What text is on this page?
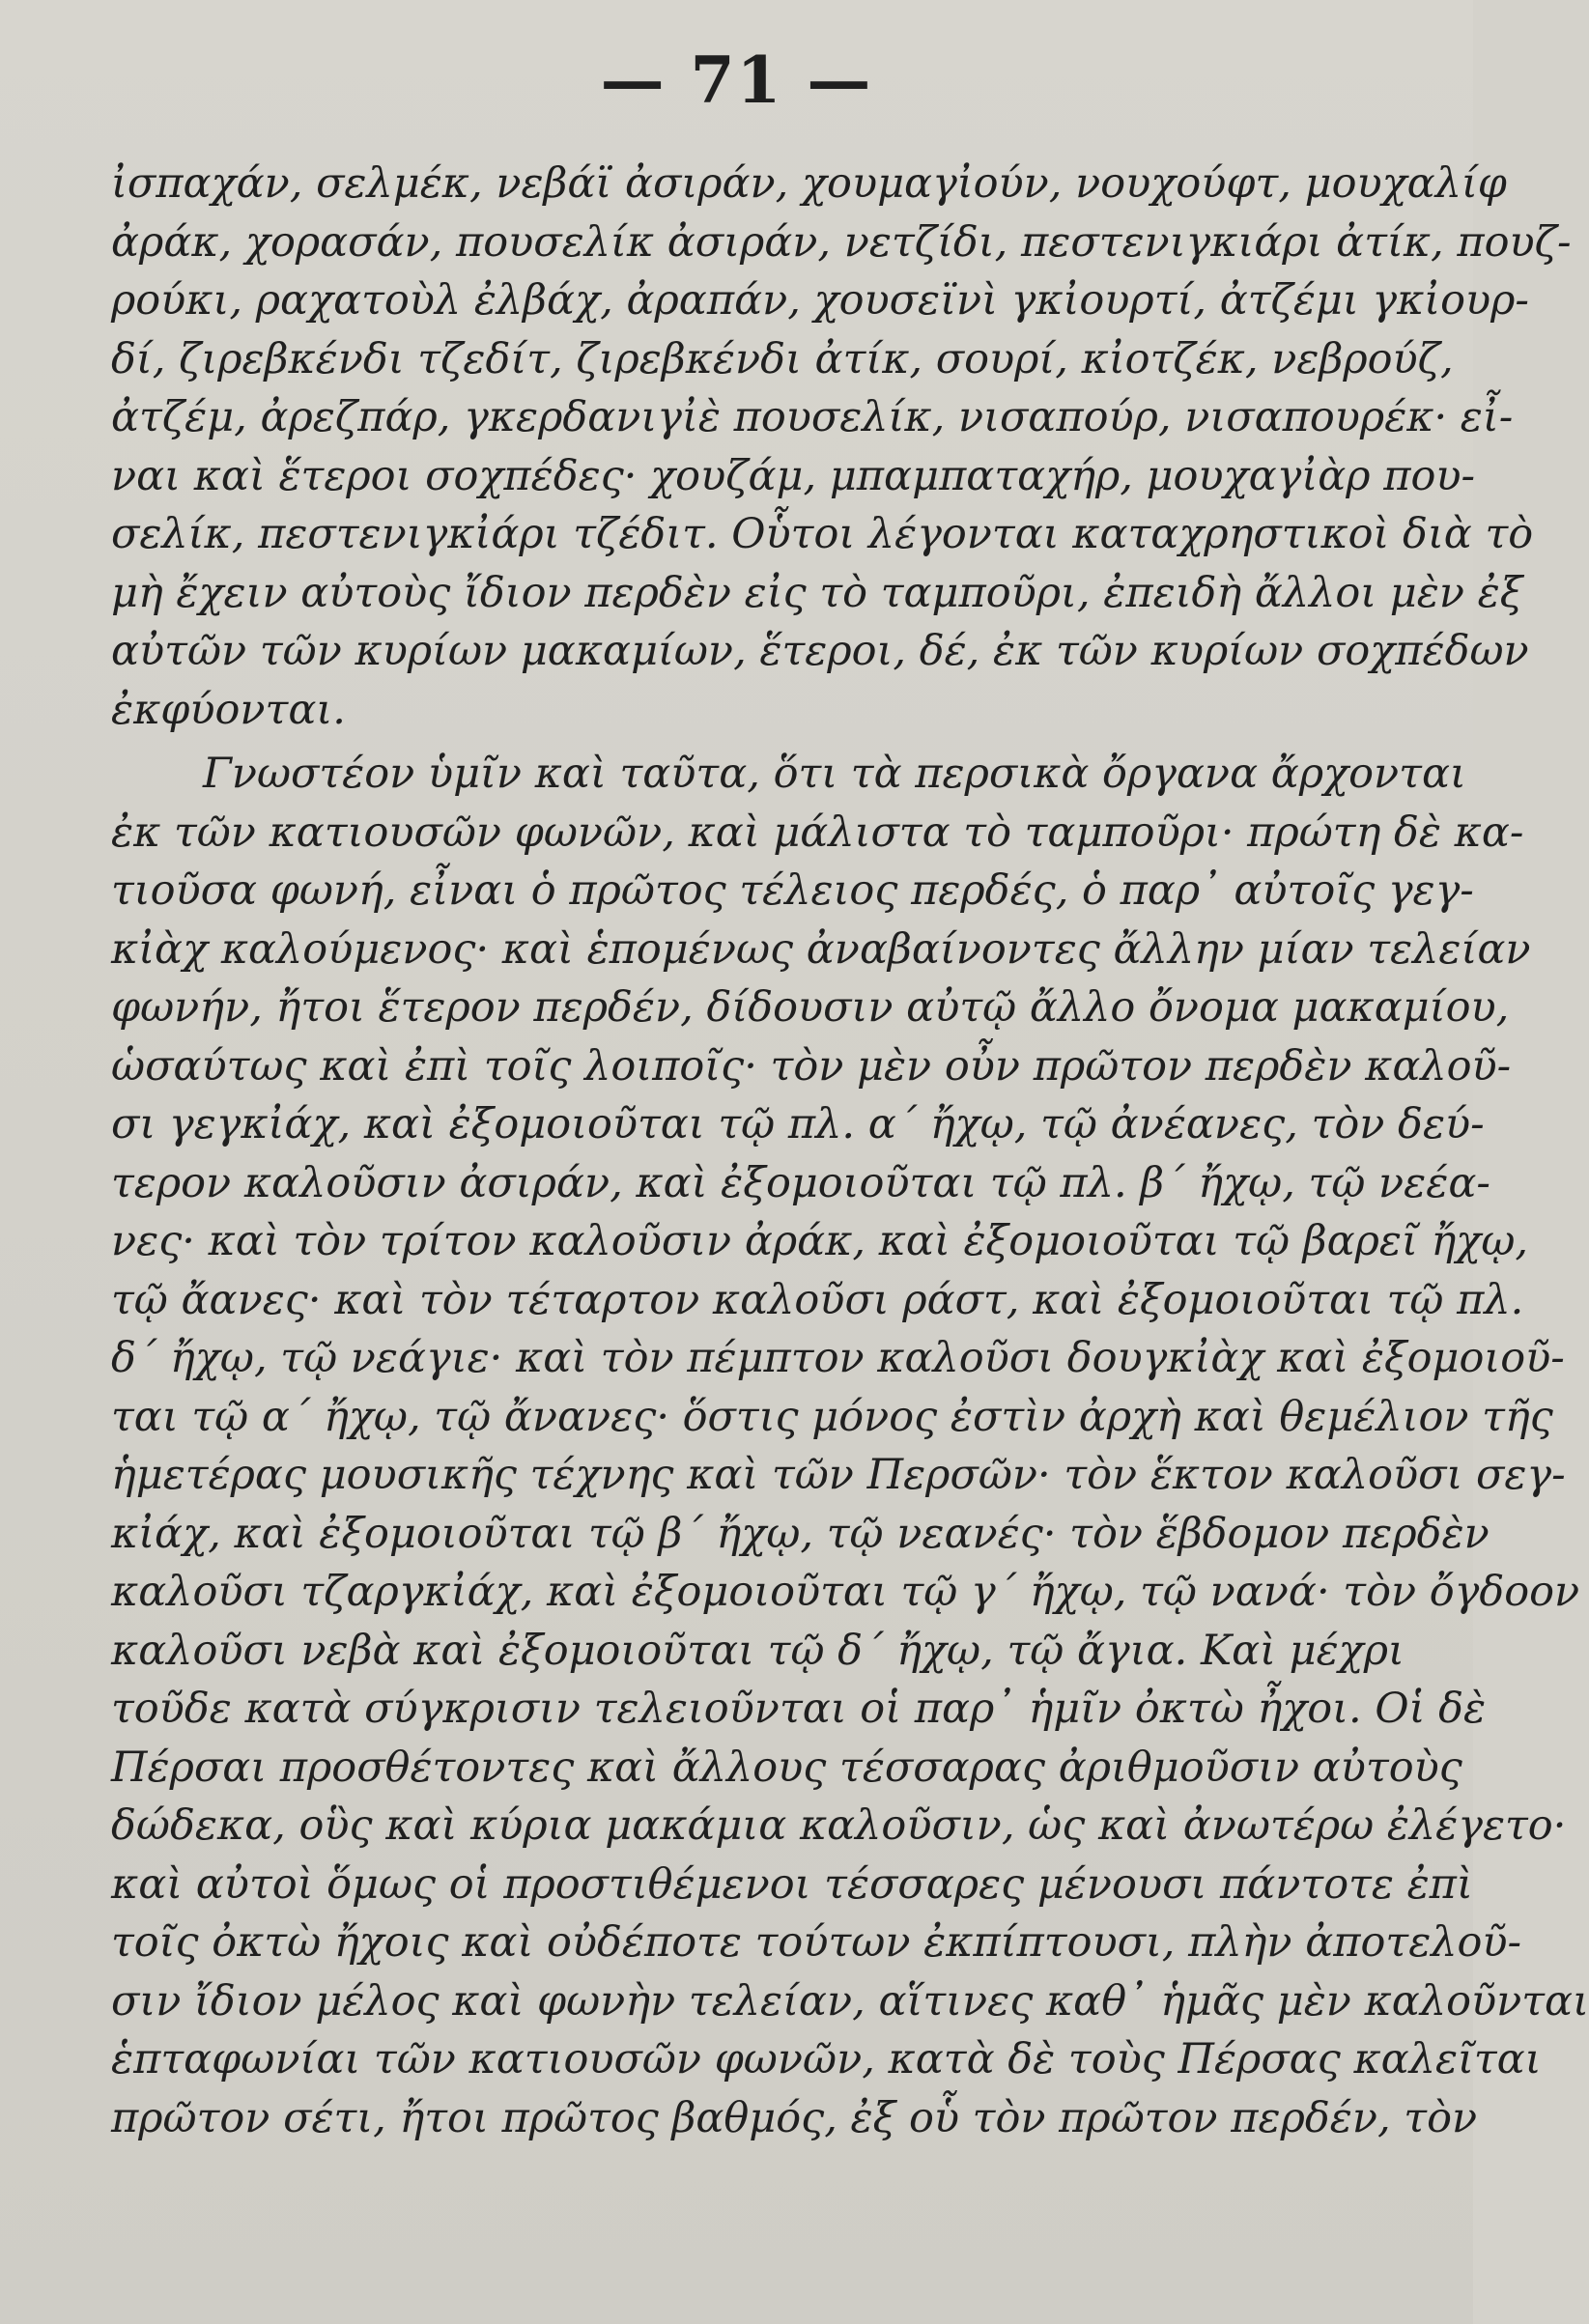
— 71 —
ἰσπαχάν, σελμέκ, νεβάϊ ἀσιράν, χουμαγἰούν, νουχούφτ, μουχαλίφ
ἀράκ, χορασάν, πουσελίκ ἀσιράν, νετζίδι, πεστενιγκιάρι ἀτίκ, πουζ-
ρούκι, ραχατοὺλ ἐλβάχ, ἀραπάν, χουσεϊνὶ γκἰουρτί, ἀτζέμι γκἰουρ-
δί, ζιρεβκένδι τζεδίτ, ζιρεβκένδι ἀτίκ, σουρί, κἰοτζέκ, νεβρούζ,
ἀτζέμ, ἀρεζπάρ, γκερδανιγἰὲ πουσελίκ, νισαπούρ, νισαπουρέκ· εἶ-
ναι καὶ ἕτεροι σοχπέδες· χουζάμ, μπαμπαταχήρ, μουχαγἰὰρ που-
σελίκ, πεστενιγκἰάρι τζέδιτ. Οὗτοι λέγονται καταχρηστικοὶ διὰ τὸ
μὴ ἔχειν αὐτοὺς ἴδιον περδὲν εἰς τὸ ταμποῦρι, ἐπειδὴ ἄλλοι μὲν ἐξ
αὐτῶν τῶν κυρίων μακαμίων, ἕτεροι, δέ, ἐκ τῶν κυρίων σοχπέδων
ἐκφύονται.
Γνωστέον ὑμῖν καὶ ταῦτα, ὅτι τὰ περσικὰ ὄργανα ἄρχονται
ἐκ τῶν κατιουσῶν φωνῶν, καὶ μάλιστα τὸ ταμποῦρι· πρώτη δὲ κα-
τιοῦσα φωνή, εἶναι ὁ πρῶτος τέλειος περδές, ὁ παρ᾽ αὐτοῖς γεγ-
κἰὰχ καλούμενος· καὶ ἑπομένως ἀναβαίνοντες ἄλλην μίαν τελείαν
φωνήν, ἤτοι ἕτερον περδέν, δίδουσιν αὐτῷ ἄλλο ὄνομα μακαμίου,
ὡσαύτως καὶ ἐπὶ τοῖς λοιποῖς· τὸν μὲν οὖν πρῶτον περδὲν καλοῦ-
σι γεγκἰάχ, καὶ ἐξομοιοῦται τῷ πλ. α´ ἤχῳ, τῷ ἀνέανες, τὸν δεύ-
τερον καλοῦσιν ἀσιράν, καὶ ἐξομοιοῦται τῷ πλ. β´ ἤχῳ, τῷ νεέα-
νες· καὶ τὸν τρίτον καλοῦσιν ἀράκ, καὶ ἐξομοιοῦται τῷ βαρεῖ ἤχῳ,
τῷ ἄανες· καὶ τὸν τέταρτον καλοῦσι ράστ, καὶ ἐξομοιοῦται τῷ πλ.
δ´ ἤχῳ, τῷ νεάγιε· καὶ τὸν πέμπτον καλοῦσι δουγκἰὰχ καὶ ἐξομοιοῦ-
ται τῷ α´ ἤχῳ, τῷ ἄνανες· ὅστις μόνος ἐστὶν ἀρχὴ καὶ θεμέλιον τῆς
ἡμετέρας μουσικῆς τέχνης καὶ τῶν Περσῶν· τὸν ἕκτον καλοῦσι σεγ-
κἰάχ, καὶ ἐξομοιοῦται τῷ β´ ἤχῳ, τῷ νεανές· τὸν ἕβδομον περδὲν
καλοῦσι τζαργκἰάχ, καὶ ἐξομοιοῦται τῷ γ´ ἤχῳ, τῷ νανά· τὸν ὄγδοον
καλοῦσι νεβὰ καὶ ἐξομοιοῦται τῷ δ´ ἤχῳ, τῷ ἄγια. Καὶ μέχρι
τοῦδε κατὰ σύγκρισιν τελειοῦνται οἱ παρ᾽ ἡμῖν ὀκτὼ ἦχοι. Οἱ δὲ
Πέρσαι προσθέτοντες καὶ ἄλλους τέσσαρας ἀριθμοῦσιν αὐτοὺς
δώδεκα, οὓς καὶ κύρια μακάμια καλοῦσιν, ὡς καὶ ἀνωτέρω ἐλέγετο·
καὶ αὐτοὶ ὅμως οἱ προστιθέμενοι τέσσαρες μένουσι πάντοτε ἐπὶ
τοῖς ὀκτὼ ἤχοις καὶ οὐδέποτε τούτων ἐκπίπτουσι, πλὴν ἀποτελοῦ-
σιν ἴδιον μέλος καὶ φωνὴν τελείαν, αἵτινες καθ᾽ ἡμᾶς μὲν καλοῦνται
ἑπταφωνίαι τῶν κατιουσῶν φωνῶν, κατὰ δὲ τοὺς Πέρσας καλεῖται
πρῶτον σέτι, ἤτοι πρῶτος βαθμός, ἐξ οὗ τὸν πρῶτον περδέν, τὸν
